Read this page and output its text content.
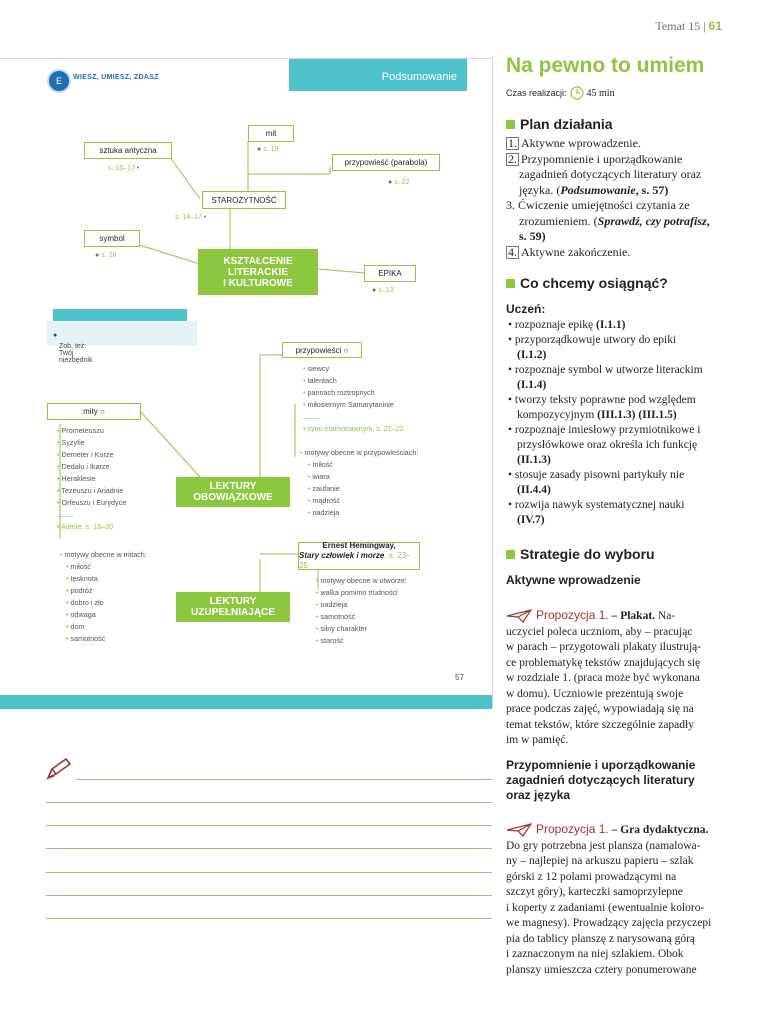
Temat 15 | 61
E	WIESZ, UMIESZ, ZDASZ	Podsumowanie
mit
● s. 19
sztuka antyczna
s. 16–17 •
przypowieść (parabola)
● s. 22
STAROŻYTNOŚĆ
s. 14–17 •
symbol
● s. 20	KSZTAŁCENIE
LITERACKIE
I KULTUROWE
EPIKA
● s. 13
●
Zob. też: Twój niezbędnik
przypowieści ○
• siewcy
• talentach
• pannach roztropnych
• miłosiernym Samarytaninie
........
• synu marnotrawnym, s. 21–22
• motywy obecne w przypowieściach:
• miłość
• wiara
• zaufanie
• mądrość
• nadzieja
mity ○
• Prometeuszu
• Syzyfie
• Demeter i Korze
• Dedalu i Ikarze
• Heraklesie
• Tezeuszu i Ariadnie
• Orfeuszu i Eurydyce
........
• Atenie, s. 18–20
• motywy obecne w mitach:
• miłość
• tęsknota
• podróż
• dobro i zło
• odwaga
• dom
• samotność
LEKTURY
OBOWIĄZKOWE
Ernest Hemingway,
Stary człowiek i morze, s. 23–25
• motywy obecne w utworze:
• walka pomimo trudności
• nadzieja
• samotność
• silny charakter
• starość
LEKTURY
UZUPEŁNIAJĄCE
57
Na pewno to umiem
Czas realizacji: 45 min
Plan działania
1. Aktywne wprowadzenie.
2. Przypomnienie i uporządkowanie
zagadnień dotyczących literatury oraz
języka. (Podsumowanie, s. 57)
3. Ćwiczenie umiejętności czytania ze
zrozumieniem. (Sprawdź, czy potrafisz,
s. 59)
4. Aktywne zakończenie.
Co chcemy osiągnąć?
Uczeń:
• rozpoznaje epikę (I.1.1)
• przyporządkowuje utwory do epiki
(I.1.2)
• rozpoznaje symbol w utworze literackim
(I.1.4)
• tworzy teksty poprawne pod względem kompozycyjnym (III.1.3) (III.1.5)
• rozpoznaje imiesłowy przymiotnikowe i przysłówkowe oraz określa ich funkcję
(II.1.3)
• stosuje zasady pisowni partykuły nie
(II.4.4)
• rozwija nawyk systematycznej nauki
(IV.7)
Strategie do wyboru
Aktywne wprowadzenie
Propozycja 1. – Plakat. Na-
uczyciel poleca uczniom, aby – pracując
w parach – przygotowali plakaty ilustrują-
ce problematykę tekstów znajdujących się
w rozdziale 1. (praca może być wykonana
w domu). Uczniowie prezentują swoje
prace podczas zajęć, wypowiadają się na
temat tekstów, które szczególnie zapadły
im w pamięć.
Przypomnienie i uporządkowanie
zagadnień dotyczących literatury
oraz języka
Propozycja 1. – Gra dydaktyczna.
Do gry potrzebna jest plansza (namalowa-
ny – najlepiej na arkuszu papieru – szlak
górski z 12 polami prowadzącymi na
szczyt góry), karteczki samoprzylepne
i koperty z zadaniami (ewentualnie koloro-
we magnesy). Prowadzący zajęcia przyczepi
pia do tablicy planszę z narysowaną górą
i zaznaczonym na niej szlakiem. Obok
planszy umieszcza cztery ponumerowane
